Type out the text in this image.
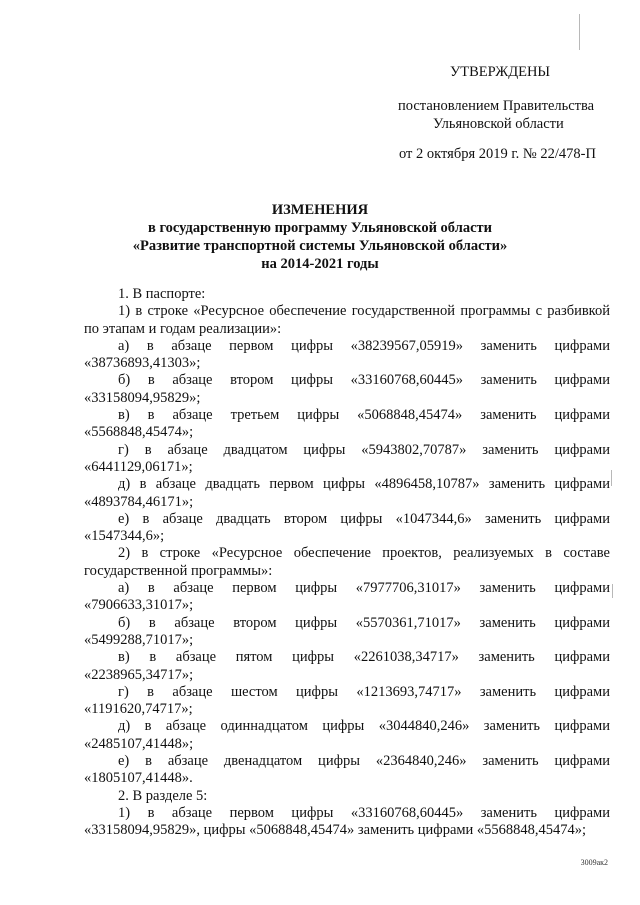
УТВЕРЖДЕНЫ
постановлением Правительства
Ульяновской области
от 2 октября 2019 г. № 22/478-П
ИЗМЕНЕНИЯ
в государственную программу Ульяновской области
«Развитие транспортной системы Ульяновской области»
на 2014-2021 годы

1. В паспорте:

1) в строке «Ресурсное обеспечение государственной программы с разбивкой по этапам и годам реализации»:

а) в абзаце первом цифры «38239567,05919» заменить цифрами «38736893,41303»;

б) в абзаце втором цифры «33160768,60445» заменить цифрами «33158094,95829»;

в) в абзаце третьем цифры «5068848,45474» заменить цифрами «5568848,45474»;

г) в абзаце двадцатом цифры «5943802,70787» заменить цифрами «6441129,06171»;

д) в абзаце двадцать первом цифры «4896458,10787» заменить цифрами «4893784,46171»;

е) в абзаце двадцать втором цифры «1047344,6» заменить цифрами «1547344,6»;

2) в строке «Ресурсное обеспечение проектов, реализуемых в составе государственной программы»:

а) в абзаце первом цифры «7977706,31017» заменить цифрами «7906633,31017»;

б) в абзаце втором цифры «5570361,71017» заменить цифрами «5499288,71017»;

в) в абзаце пятом цифры «2261038,34717» заменить цифрами «2238965,34717»;

г) в абзаце шестом цифры «1213693,74717» заменить цифрами «1191620,74717»;

д) в абзаце одиннадцатом цифры «3044840,246» заменить цифрами «2485107,41448»;

е) в абзаце двенадцатом цифры «2364840,246» заменить цифрами «1805107,41448».

2. В разделе 5:

1) в абзаце первом цифры «33160768,60445» заменить цифрами «33158094,95829», цифры «5068848,45474» заменить цифрами «5568848,45474»;

3009ак2
